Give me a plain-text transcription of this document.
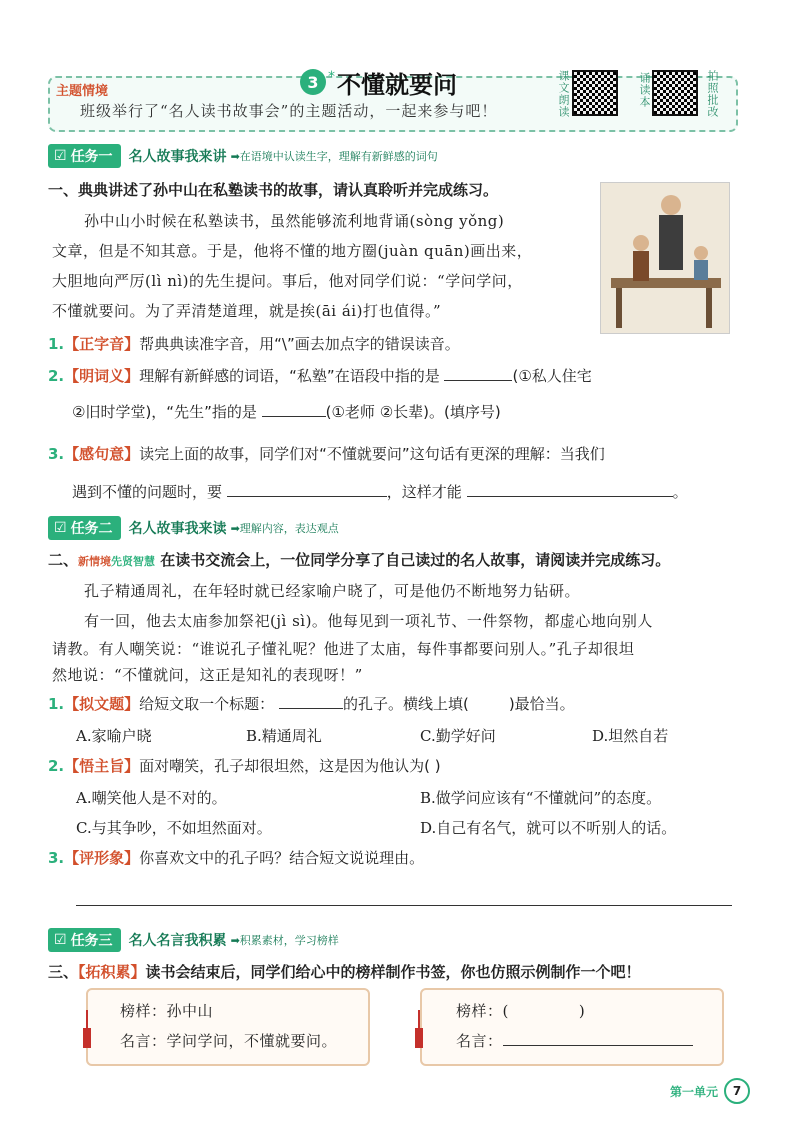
主题情境
班级举行了“名人读书故事会”的主题活动，一起来参与吧！
3 * 不懂就要问	课文朗读	诵读本	拍照批改
☑ 任务一 名人故事我来讲 ➡在语境中认读生字，理解有新鲜感的词句
一、典典讲述了孙中山在私塾读书的故事，请认真聆听并完成练习。
孙中山小时候在私塾读书，虽然能够流利地背诵(sòng yǒng)
文章，但是不知其意。于是，他将不懂的地方圈(juàn quān)画出来，
大胆地向严厉(lì nì)的先生提问。事后，他对同学们说：“学问学问，
不懂就要问。为了弄清楚道理，就是挨(āi ái)打也值得。”
1.【正字音】帮典典读准字音，用“\”画去加点字的错误读音。
2.【明词义】理解有新鲜感的词语，“私塾”在语段中指的是	(①私人住宅
②旧时学堂)，“先生”指的是	(①老师 ②长辈)。(填序号)
3.【感句意】读完上面的故事，同学们对“不懂就要问”这句话有更深的理解：当我们
遇到不懂的问题时，要	，这样才能	。
☑ 任务二 名人故事我来读 ➡理解内容，表达观点
二、新情境先贤智慧 在读书交流会上，一位同学分享了自己读过的名人故事，请阅读并完成练习。
孔子精通周礼，在年轻时就已经家喻户晓了，可是他仍不断地努力钻研。
有一回，他去太庙参加祭祀(jì sì)。他每见到一项礼节、一件祭物，都虚心地向别人
请教。有人嘲笑说：“谁说孔子懂礼呢？他进了太庙，每件事都要问别人。”孔子却很坦
然地说：“不懂就问，这正是知礼的表现呀！”
1.【拟文题】给短文取一个标题：	的孔子。横线上填(	)最恰当。
A.家喻户晓	B.精通周礼	C.勤学好问	D.坦然自若
2.【悟主旨】面对嘲笑，孔子却很坦然，这是因为他认为( )
A.嘲笑他人是不对的。	B.做学问应该有“不懂就问”的态度。
C.与其争吵，不如坦然面对。	D.自己有名气，就可以不听别人的话。
3.【评形象】你喜欢文中的孔子吗？结合短文说说理由。
☑ 任务三 名人名言我积累 ➡积累素材，学习榜样
三、【拓积累】读书会结束后，同学们给心中的榜样制作书签，你也仿照示例制作一个吧！
榜样：孙中山
名言：学问学问，不懂就要问。
榜样：(	)
名言：
第一单元	7
